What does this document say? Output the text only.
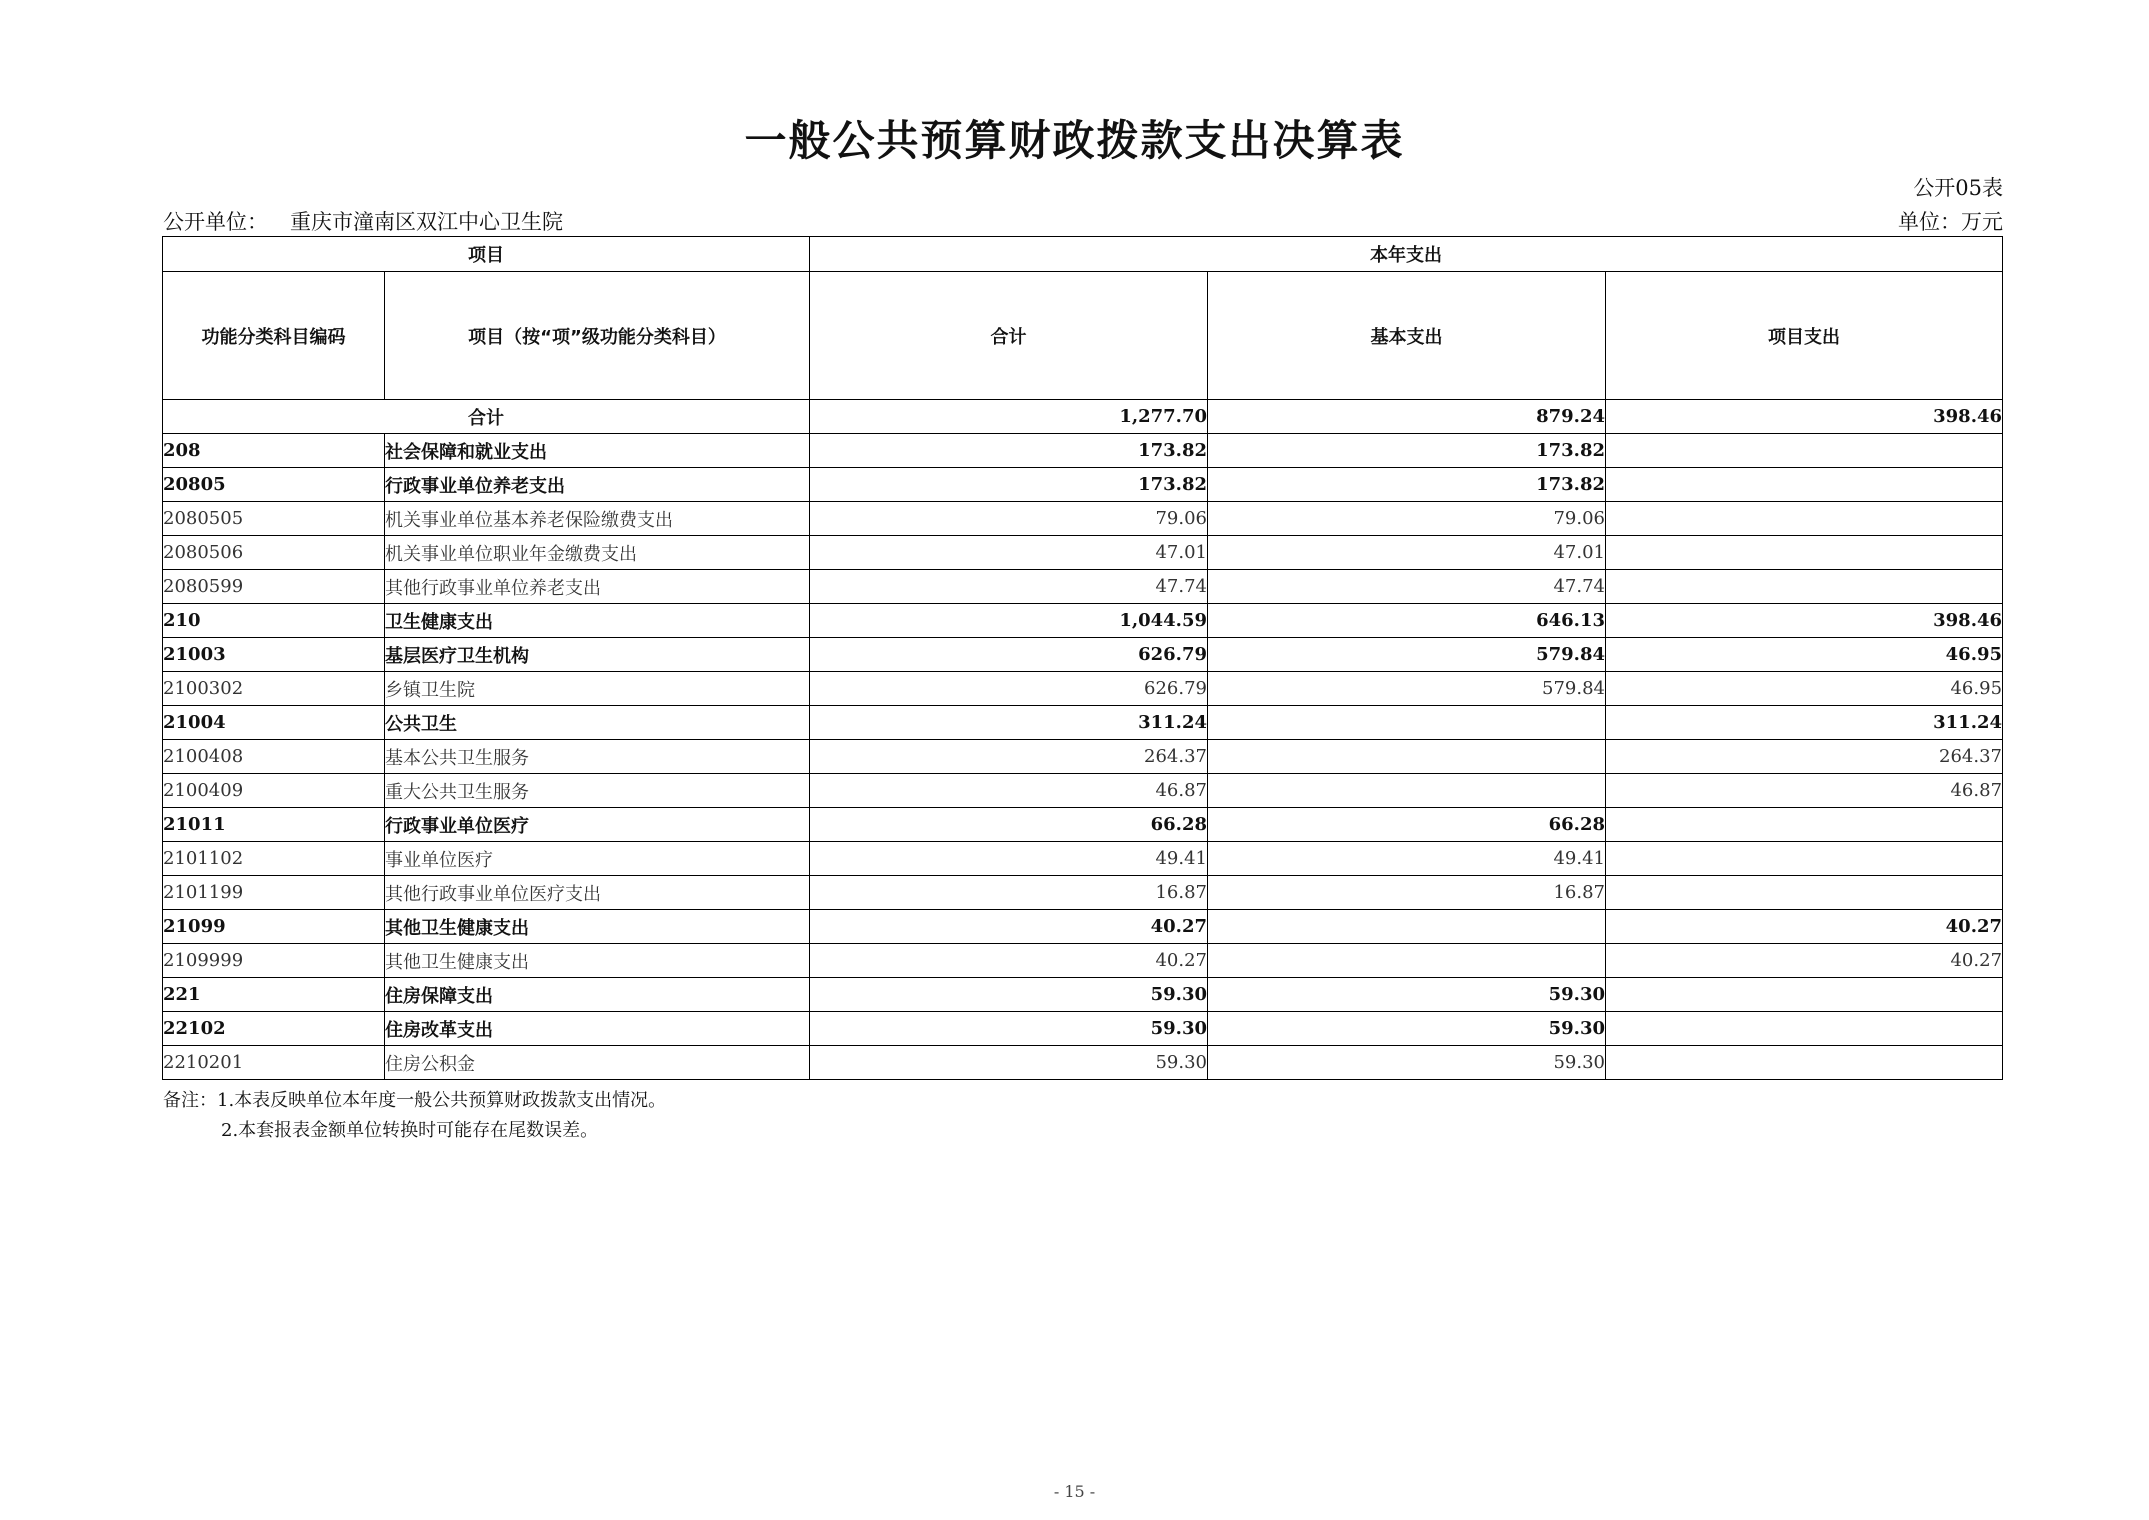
一般公共预算财政拨款支出决算表
公开05表
公开单位： 重庆市潼南区双江中心卫生院	单位：万元
项目		本年支出		
功能分类科目编码	项目（按“项”级功能分类科目）	合计	基本支出	项目支出
合计		1,277.70	879.24	398.46
208	社会保障和就业支出	173.82	173.82	
20805	行政事业单位养老支出	173.82	173.82	
2080505	机关事业单位基本养老保险缴费支出	79.06	79.06	
2080506	机关事业单位职业年金缴费支出	47.01	47.01	
2080599	其他行政事业单位养老支出	47.74	47.74	
210	卫生健康支出	1,044.59	646.13	398.46
21003	基层医疗卫生机构	626.79	579.84	46.95
2100302	乡镇卫生院	626.79	579.84	46.95
21004	公共卫生	311.24		311.24
2100408	基本公共卫生服务	264.37		264.37
2100409	重大公共卫生服务	46.87		46.87
21011	行政事业单位医疗	66.28	66.28	
2101102	事业单位医疗	49.41	49.41	
2101199	其他行政事业单位医疗支出	16.87	16.87	
21099	其他卫生健康支出	40.27		40.27
2109999	其他卫生健康支出	40.27		40.27
221	住房保障支出	59.30	59.30	
22102	住房改革支出	59.30	59.30	
2210201	住房公积金	59.30	59.30	
备注：1.本表反映单位本年度一般公共预算财政拨款支出情况。
2.本套报表金额单位转换时可能存在尾数误差。
- 15 -
